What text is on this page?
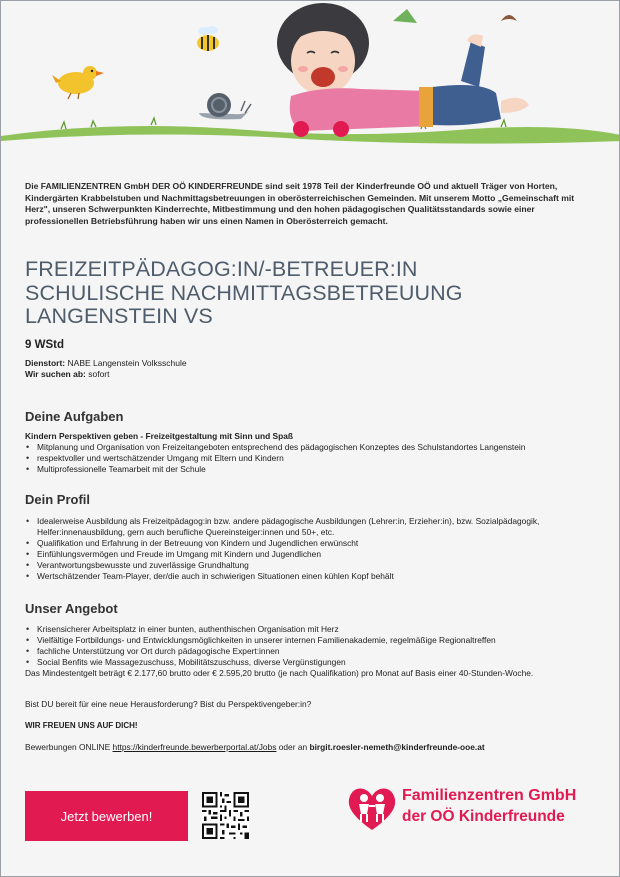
Die FAMILIENZENTREN GmbH DER OÖ KINDERFREUNDE sind seit 1978 Teil der Kinderfreunde OÖ und aktuell Träger von Horten, Kindergärten Krabbelstuben und Nachmittagsbetreuungen in oberösterreichischen Gemeinden. Mit unserem Motto „Gemeinschaft mit Herz", unseren Schwerpunkten Kinderrechte, Mitbestimmung und den hohen pädagogischen Qualitätsstandards sowie einer professionellen Betriebsführung haben wir uns einen Namen in Oberösterreich gemacht.

FREIZEITPÄDAGOG:IN/-BETREUER:IN
SCHULISCHE NACHMITTAGSBETREUUNG
LANGENSTEIN VS
9 WStd
Dienstort: NABE Langenstein Volksschule
Wir suchen ab: sofort
Deine Aufgaben
Kindern Perspektiven geben - Freizeitgestaltung mit Sinn und Spaß
• Mitplanung und Organisation von Freizeitangeboten entsprechend des pädagogischen Konzeptes des Schulstandortes Langenstein
• respektvoller und wertschätzender Umgang mit Eltern und Kindern
• Multiprofessionelle Teamarbeit mit der Schule
Dein Profil
• Idealerweise Ausbildung als Freizeitpädagog:in bzw. andere pädagogische Ausbildungen (Lehrer:in, Erzieher:in), bzw. Sozialpädagogik, Helfer:innenausbildung, gern auch berufliche Quereinsteiger:innen und 50+, etc.
• Qualifikation und Erfahrung in der Betreuung von Kindern und Jugendlichen erwünscht
• Einfühlungsvermögen und Freude im Umgang mit Kindern und Jugendlichen
• Verantwortungsbewusste und zuverlässige Grundhaltung
• Wertschätzender Team-Player, der/die auch in schwierigen Situationen einen kühlen Kopf behält
Unser Angebot
• Krisensicherer Arbeitsplatz in einer bunten, authenthischen Organisation mit Herz
• Vielfältige Fortbildungs- und Entwicklungsmöglichkeiten in unserer internen Familienakademie, regelmäßige Regionaltreffen
• fachliche Unterstützung vor Ort durch pädagogische Expert:innen
• Social Benfits wie Massagezuschuss, Mobilitätszuschuss, diverse Vergünstigungen
Das Mindestentgelt beträgt € 2.177,60 brutto oder € 2.595,20 brutto (je nach Qualifikation) pro Monat auf Basis einer 40-Stunden-Woche.
Bist DU bereit für eine neue Herausforderung? Bist du Perspektivengeber:in?
WIR FREUEN UNS AUF DICH!
Bewerbungen ONLINE https://kinderfreunde.bewerberportal.at/Jobs oder an birgit.roesler-nemeth@kinderfreunde-ooe.at
Jetzt bewerben!
Familienzentren GmbH
der OÖ Kinderfreunde
